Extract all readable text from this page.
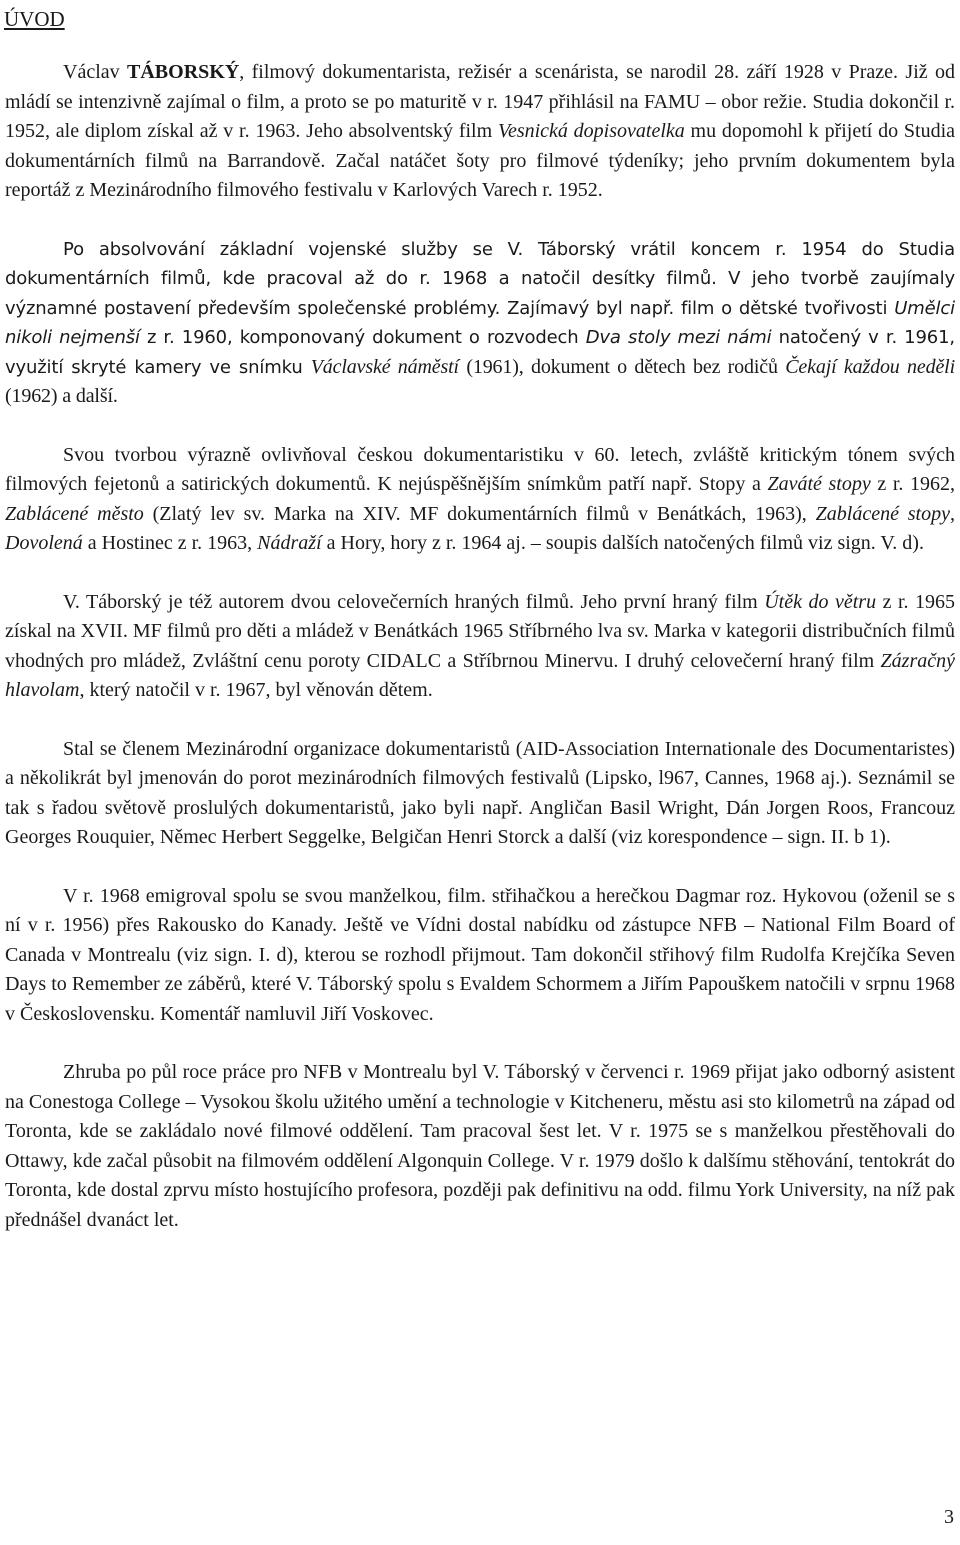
ÚVOD

Václav TÁBORSKÝ, filmový dokumentarista, režisér a scenárista, se narodil 28. září 1928 v Praze. Již od mládí se intenzivně zajímal o film, a proto se po maturitě v r. 1947 přihlásil na FAMU – obor režie. Studia dokončil r. 1952, ale diplom získal až v r. 1963. Jeho absolventský film Vesnická dopisovatelka mu dopomohl k přijetí do Studia dokumentárních filmů na Barrandově. Začal natáčet šoty pro filmové týdeníky; jeho prvním dokumentem byla reportáž z Mezinárodního filmového festivalu v Karlových Varech r. 1952.

Po absolvování základní vojenské služby se V. Táborský vrátil koncem r. 1954 do Studia dokumentárních filmů, kde pracoval až do r. 1968 a natočil desítky filmů. V jeho tvorbě zaujímaly významné postavení především společenské problémy. Zajímavý byl např. film o dětské tvořivosti Umělci nikoli nejmenší z r. 1960, komponovaný dokument o rozvodech Dva stoly mezi námi natočený v r. 1961, využití skryté kamery ve snímku Václavské náměstí (1961), dokument o dětech bez rodičů Čekají každou neděli (1962) a další.

Svou tvorbou výrazně ovlivňoval českou dokumentaristiku v 60. letech, zvláště kritickým tónem svých filmových fejetonů a satirických dokumentů. K nejúspěšnějším snímkům patří např. Stopy a Zaváté stopy z r. 1962, Zablácené město (Zlatý lev sv. Marka na XIV. MF dokumentárních filmů v Benátkách, 1963), Zablácené stopy, Dovolená a Hostinec z r. 1963, Nádraží a Hory, hory z r. 1964 aj. – soupis dalších natočených filmů viz sign. V. d).

V. Táborský je též autorem dvou celovečerních hraných filmů. Jeho první hraný film Útěk do větru z r. 1965 získal na XVII. MF filmů pro děti a mládež v Benátkách 1965 Stříbrného lva sv. Marka v kategorii distribučních filmů vhodných pro mládež, Zvláštní cenu poroty CIDALC a Stříbrnou Minervu. I druhý celovečerní hraný film Zázračný hlavolam, který natočil v r. 1967, byl věnován dětem.

Stal se členem Mezinárodní organizace dokumentaristů (AID-Association Internationale des Documentaristes) a několikrát byl jmenován do porot mezinárodních filmových festivalů (Lipsko, l967, Cannes, 1968 aj.). Seznámil se tak s řadou světově proslulých dokumentaristů, jako byli např. Angličan Basil Wright, Dán Jorgen Roos, Francouz Georges Rouquier, Němec Herbert Seggelke, Belgičan Henri Storck a další (viz korespondence – sign. II. b 1).

V r. 1968 emigroval spolu se svou manželkou, film. střihačkou a herečkou Dagmar roz. Hykovou (oženil se s ní v r. 1956) přes Rakousko do Kanady. Ještě ve Vídni dostal nabídku od zástupce NFB – National Film Board of Canada v Montrealu (viz sign. I. d), kterou se rozhodl přijmout. Tam dokončil střihový film Rudolfa Krejčíka Seven Days to Remember ze záběrů, které V. Táborský spolu s Evaldem Schormem a Jiřím Papouškem natočili v srpnu 1968 v Československu. Komentář namluvil Jiří Voskovec.

Zhruba po půl roce práce pro NFB v Montrealu byl V. Táborský v červenci r. 1969 přijat jako odborný asistent na Conestoga College – Vysokou školu užitého umění a technologie v Kitcheneru, městu asi sto kilometrů na západ od Toronta, kde se zakládalo nové filmové oddělení. Tam pracoval šest let. V r. 1975 se s manželkou přestěhovali do Ottawy, kde začal působit na filmovém oddělení Algonquin College. V r. 1979 došlo k dalšímu stěhování, tentokrát do Toronta, kde dostal zprvu místo hostujícího profesora, později pak definitivu na odd. filmu York University, na níž pak přednášel dvanáct let.

3
